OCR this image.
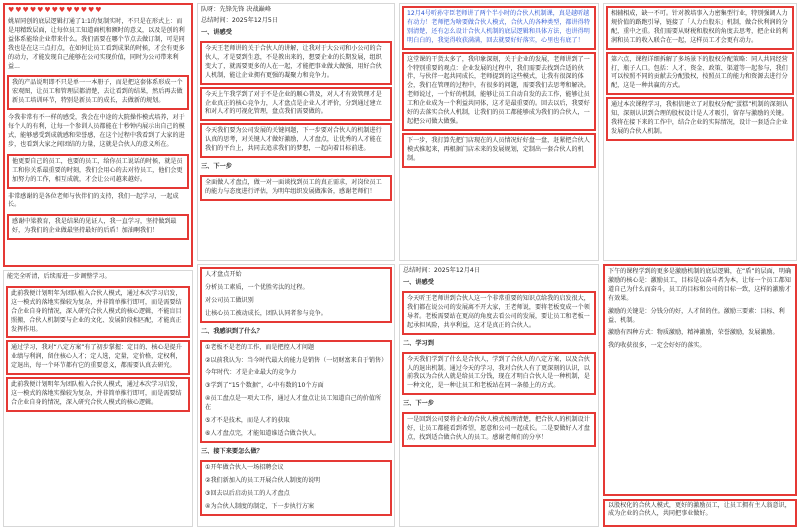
♥♥♥♥♥♥♥♥♥♥♥♥♥

姚眉同创的底层逻辑打通了1:1的复制实时，不只是在形式上：而是用精致层面，让每位员工知道商机和额时的意义，以及是创的利益体系能给企业带来什么。我们需要在哪个节点去做订制，可是同我也是在这三点打点，在如何让员工看到成果的时候，才会有更多的动力，才能发现自己能够在公司实现价值，同时为公司带来利益...

我的产品说明即不只是单一一本册子，而是把这套体系形成一个宏观图，让员工和管理层都清楚，去让看到的结果，然后再去做新员工培训环节，特别是新员工的成长，去做新的规划。

今我非常有不一样的感受，我会在中途的大院操作模式培养，对于每个人的有利，让每一个参训人员都能在十秒钟内展示出自己的模式，能够感受到成就感和荣誉感，在这个过程中我看到了大家的进步，也看到大家之间团结的力量，这就是合伙人的意义所在。

他更要自己的员工，也要的员工，给你员工说话的时候，就是员工和你关系最重要的时刻，我们会用心的去对待员工，他们会更加努力的工作，相互成就，才会让公司越来越好。

非常感谢的是各位老师与伙伴们的支持，我们一起学习，一起成长。

感谢中梁教育，我是结果的见证人，我一直学习，坚持做到最好，为我们的企业做最坚持最好的后盾！加油啊我们！

队呀：先锋先锋 决战巅峰
总结时间：2025年12月5日
一、讲感受

今天王老师讲的关于合伙人的讲解，让我对于大公司和小公司的合伙人，才是要到生意，不是教出来的，想要企业的长期发展，组织变大了，就需要更多的人在一起，才能把事业做大做强，用好合伙人机制，能让企业拥有更强的凝聚力和竞争力。

今天上午我学到了对于不是企业的顺心普及，对人才有效管理才是企业真正的核心竞争力，人才盘点是企业人才评价，分到通过建立和对人才的可视化管理，盘点我们需要做的。

今天我们要为公司发展的关键问题，下一步要对合伙人的机制进行认真的思考，对关键人才做好激励，人才盘点，让优秀的人才能在我们的平台上，共同去追求我们的梦想，一起向着目标前进。

三、下一步

全面做人才盘点，做一对一面谈找到员工的真正需求，对岗位员工的能力与态度进行评估，为明年组织发展做准备，感谢老师们！

12月4号听孙守臣老师讲了两个半小时的合伙人机制课，真是越听越有动力！老师把为啥要做合伙人模式，合伙人的各种类型，都讲得特别清楚，还有怎么设计合伙人机制的底层逻辑和具体方法，也讲得明明白白的，我觉得收获满满，回去就要好好落实，心里也有底了！

这堂课的干货太多了，我印象深刻，关于企业的发展，老师讲到了一个特别重要的观点：企业发展的过程中，我们需要去找到合适的伙伴，与伙伴一起共同成长，老师提到的这些模式，让我有很深的体会，我们在管理的过程中，有很多的问题，需要我们去思考和解决。老师说过，一个好的机制，能够让员工自动自发的去工作，能够让员工和企业成为一个利益共同体，这才是最重要的。回去以后，我要好好的去落实合伙人机制，让我们的员工都能够成为我们的合伙人，一起把公司做大做强。

下一步，我打算先把门店现在的人员情况好好盘一盘，赶紧把合伙人模式推起来，再根据门店未来的发展规划，定制出一套合伙人的机制。

相辅相成，缺一不可。针对教培事入力密集型行业，特别强调人力规价值的路跑引导，链接了「人力台股东」机制，做合伙利润的分配，重中之重。我们需要从财税和股权的角度去思考，把企业的利润和员工的收入联合在一起，这样员工才会更有动力。

第六点，课程详细拆解了多场景下的股权分配策略：同人共同经营打，瓶子人口。包括：人才、资金、政策、渠道等一起参与，我们可以按照不同的贡献去分配股权，按照员工的能力和资源去进行分配，这是一种共赢的方式。

通过本次课程学习，我相信建立了对股权分配“蛋糕”机制的深刻认知，深刻认识到合理的股权设计是人才吸引，留存与激励的关键。我将在接下来的工作中，结合企业的实际情况，设计一套适合企业发展的合伙人机制。

能完全听清，后续需进一步调整学习。

此前我便计划明年为团队植入合伙人模式，通过本次学习启发，这一模式的落地实操较为复杂，并非简单推行即可，而是需要结合企业自身的情况，深入研究合伙人模式的核心逻辑，不能盲目照搬，合伙人机制要与企业的文化、发展阶段相匹配，才能真正发挥作用。

通过学习，我对“八定方案”有了初步掌握：定目的、核心是提升业绩与利润，留住核心人才；定人选，定量，定价格，定权利，定退出，每一个环节都有它的重要意义，都需要认真去研究。

此前我便计划明年为团队植入合伙人模式，通过本次学习启发，这一模式的落地实操较为复杂，并非简单推行即可，而是需要结合企业自身的情况，深入研究合伙人模式的核心逻辑。

人才盘点开始

分析员工素质，一个优胜劣汰的过程。

对公司员工做识别

让核心员工被动成长，团队认同者参与竞争。

二、我感识到了什么？

①老板不是老的工作，而是把控人才问题

②以前我认为：当今时代最大的能力是销售（一切财富来自于销售）

今年时代：才是企业最大的竞争力

③学到了“15个数据”，心中有数的10个方面

④员工盘点是一项大工作，通过人才盘点让员工知道自己的价值所在

⑤才不是技术，而是人才的获取

⑥人才盘点完，才能知道谁适合做合伙人。

三、接下来要怎么做？

①开年做合伙人一场招聘会议

②我们新加入的员工开展合伙人制度的说明

③回去以后启动员工的人才盘点

④为合伙人制度的制定，下一步执行方案

总结时间：2025年12月4日
一、讲感受

今天听王老师讲到合伙人这一个非常重要的知识点给我的启发很大，我们都在说公司的发展离不开大家，王老师说，要将老板变成一个领导者。老板需要站在更高的角度去看公司的发展，要让员工和老板一起承担风险，共享利益，这才是真正的合伙人。

二、学习到

今天我们学到了什么是合伙人，学到了合伙人的八定方案，以及合伙人的退出机制。通过今天的学习，我对合伙人有了更深刻的认识，以前我以为合伙人就是给员工分钱，现在才明白合伙人是一种机制，是一种文化，是一种让员工和老板站在同一条船上的方式。

三、下一步

一是回到公司要将企业的合伙人模式梳理清楚，把合伙人的机制设计好，让员工都能看到希望，愿意和公司一起成长。二是要做好人才盘点，找到适合做合伙人的员工。感谢老师们的分享！

下午的课程学到的更多是激励机制的底层逻辑，在“盾”的层面，明确激励的核心是：激励员工，目标是以奋斗者为本，让每一个员工都知道自己为什么而奋斗，员工的目标和公司的目标一致，这样的激励才有效果。

激励的关键是：分钱分的好，人才留的住。激励三要素：目标、利益、机制。

激励有四种方式：物质激励，精神激励，荣誉激励，发展激励。

我的收获很多，一定会好好的落实。

以股权化的合伙人模式，更好的激励员工，让员工拥有主人翁意识，成为企业的合伙人，共同把事业做好。
